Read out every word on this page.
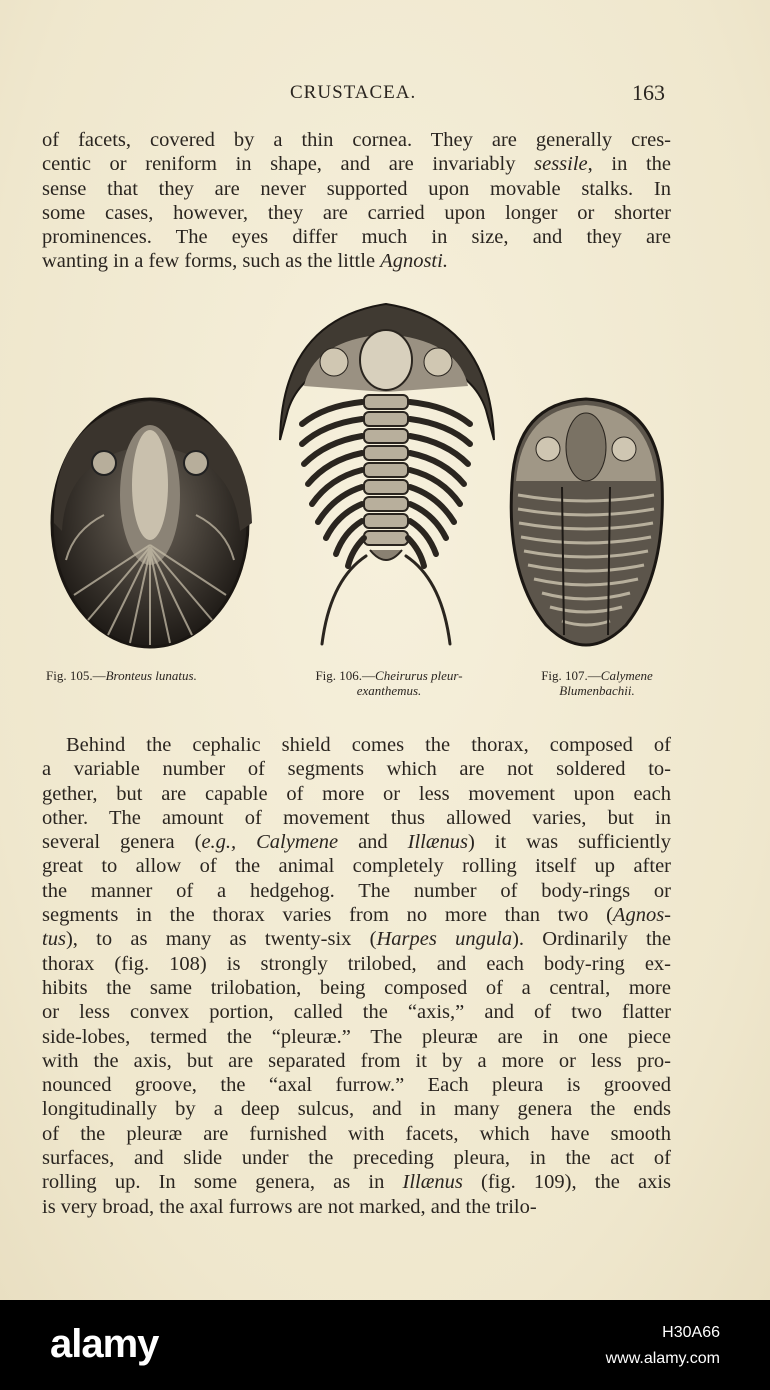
CRUSTACEA.	163
of facets, covered by a thin cornea. They are generally cres-
centic or reniform in shape, and are invariably sessile, in the
sense that they are never supported upon movable stalks. In
some cases, however, they are carried upon longer or shorter
prominences. The eyes differ much in size, and they are
wanting in a few forms, such as the little Agnosti.
Fig. 105.—Bronteus lunatus.	Fig. 106.—Cheirurus pleur-
exanthemus.
Fig. 107.—Calymene
Blumenbachii.
Behind the cephalic shield comes the thorax, composed of
a variable number of segments which are not soldered to-
gether, but are capable of more or less movement upon each
other. The amount of movement thus allowed varies, but in
several genera (e.g., Calymene and Illænus) it was sufficiently
great to allow of the animal completely rolling itself up after
the manner of a hedgehog. The number of body-rings or
segments in the thorax varies from no more than two (Agnos-
tus), to as many as twenty-six (Harpes ungula). Ordinarily the
thorax (fig. 108) is strongly trilobed, and each body-ring ex-
hibits the same trilobation, being composed of a central, more
or less convex portion, called the “axis,” and of two flatter
side-lobes, termed the “pleuræ.” The pleuræ are in one piece
with the axis, but are separated from it by a more or less pro-
nounced groove, the “axal furrow.” Each pleura is grooved
longitudinally by a deep sulcus, and in many genera the ends
of the pleuræ are furnished with facets, which have smooth
surfaces, and slide under the preceding pleura, in the act of
rolling up. In some genera, as in Illænus (fig. 109), the axis
is very broad, the axal furrows are not marked, and the trilo-
alamy	H30A66
www.alamy.com
